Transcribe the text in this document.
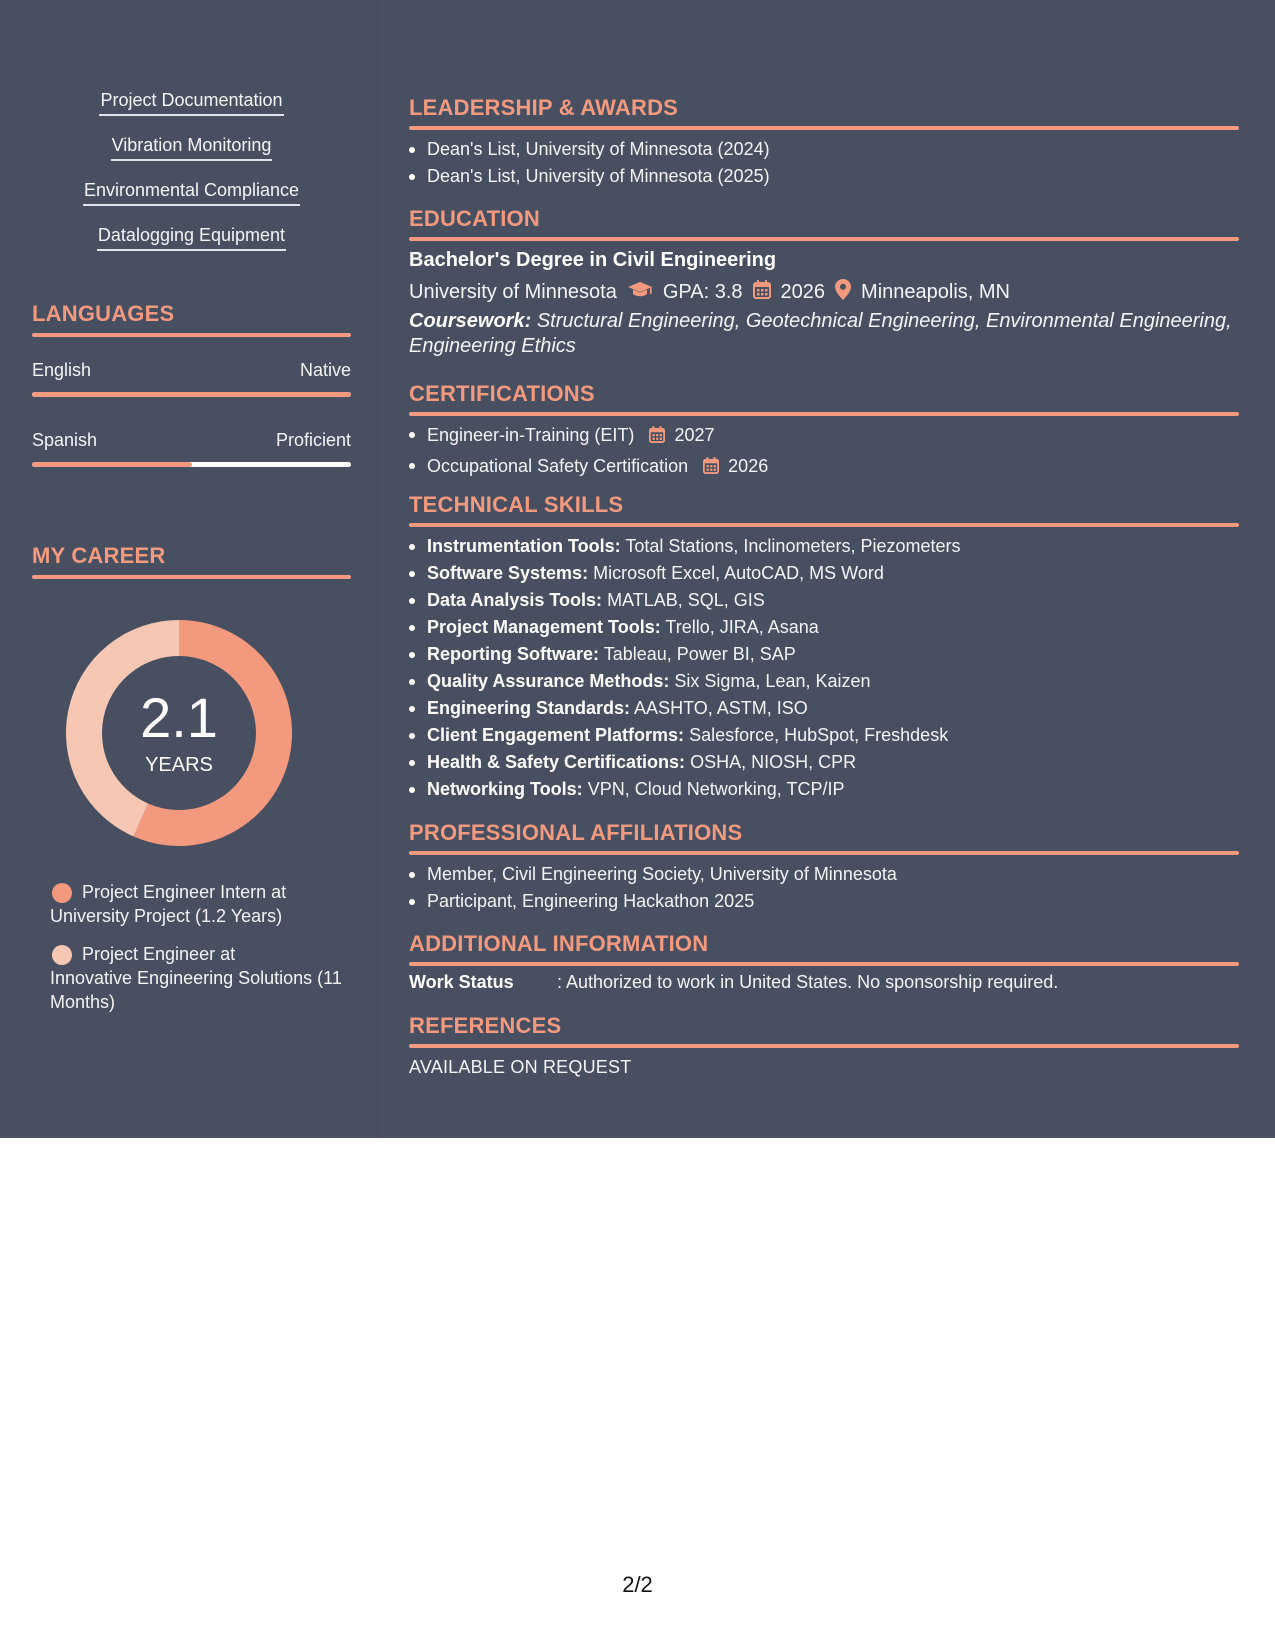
Project Documentation
Vibration Monitoring
Environmental Compliance
Datalogging Equipment
LANGUAGES
English	Native
Spanish	Proficient
MY CAREER
2.1
YEARS
Project Engineer Intern at
University Project (1.2 Years)
Project Engineer at
Innovative Engineering Solutions (11 Months)
LEADERSHIP & AWARDS
Dean's List, University of Minnesota (2024)
Dean's List, University of Minnesota (2025)
EDUCATION
Bachelor's Degree in Civil Engineering
University of Minnesota GPA: 3.8 2026 Minneapolis, MN
Coursework: Structural Engineering, Geotechnical Engineering, Environmental Engineering, Engineering Ethics
CERTIFICATIONS
Engineer-in-Training (EIT) 2027
Occupational Safety Certification 2026
TECHNICAL SKILLS
Instrumentation Tools: Total Stations, Inclinometers, Piezometers
Software Systems: Microsoft Excel, AutoCAD, MS Word
Data Analysis Tools: MATLAB, SQL, GIS
Project Management Tools: Trello, JIRA, Asana
Reporting Software: Tableau, Power BI, SAP
Quality Assurance Methods: Six Sigma, Lean, Kaizen
Engineering Standards: AASHTO, ASTM, ISO
Client Engagement Platforms: Salesforce, HubSpot, Freshdesk
Health & Safety Certifications: OSHA, NIOSH, CPR
Networking Tools: VPN, Cloud Networking, TCP/IP
PROFESSIONAL AFFILIATIONS
Member, Civil Engineering Society, University of Minnesota
Participant, Engineering Hackathon 2025
ADDITIONAL INFORMATION
Work Status	: Authorized to work in United States. No sponsorship required.
REFERENCES
AVAILABLE ON REQUEST
2/2
